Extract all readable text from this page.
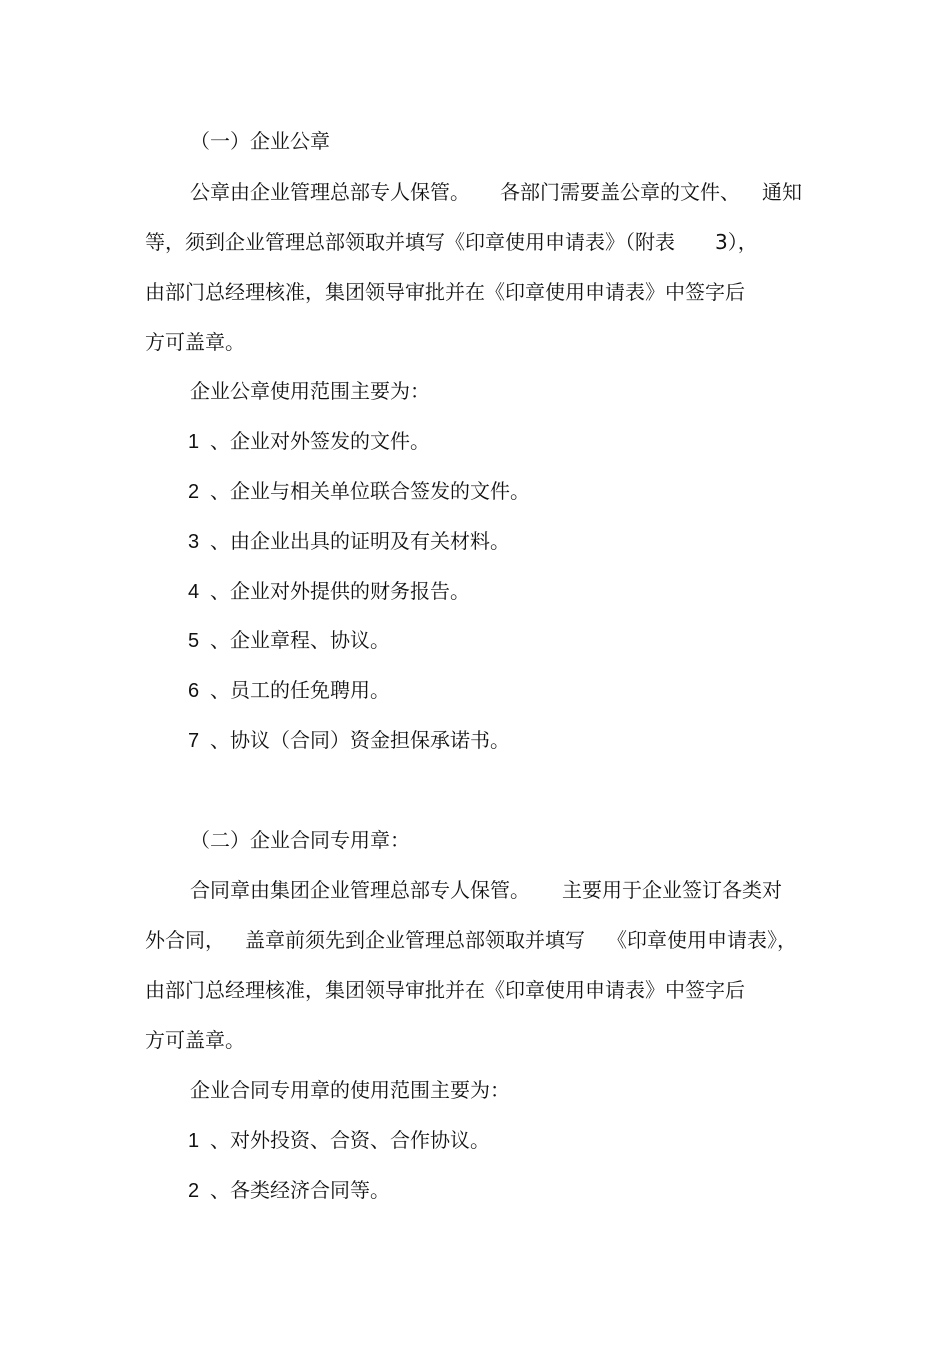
（一）企业公章
公章由企业管理总部专人保管。 各部门需要盖公章的文件、 通知
等，须到企业管理总部领取并填写《印章使用申请表》（附表 3），
由部门总经理核准，集团领导审批并在《印章使用申请表》中签字后
方可盖章。
企业公章使用范围主要为：
1 、企业对外签发的文件。
2 、企业与相关单位联合签发的文件。
3 、由企业出具的证明及有关材料。
4 、企业对外提供的财务报告。
5 、企业章程、协议。
6 、员工的任免聘用。
7 、协议（合同）资金担保承诺书。
（二）企业合同专用章：
合同章由集团企业管理总部专人保管。 主要用于企业签订各类对
外合同， 盖章前须先到企业管理总部领取并填写 《印章使用申请表》，
由部门总经理核准，集团领导审批并在《印章使用申请表》中签字后
方可盖章。
企业合同专用章的使用范围主要为：
1 、对外投资、合资、合作协议。
2 、各类经济合同等。
